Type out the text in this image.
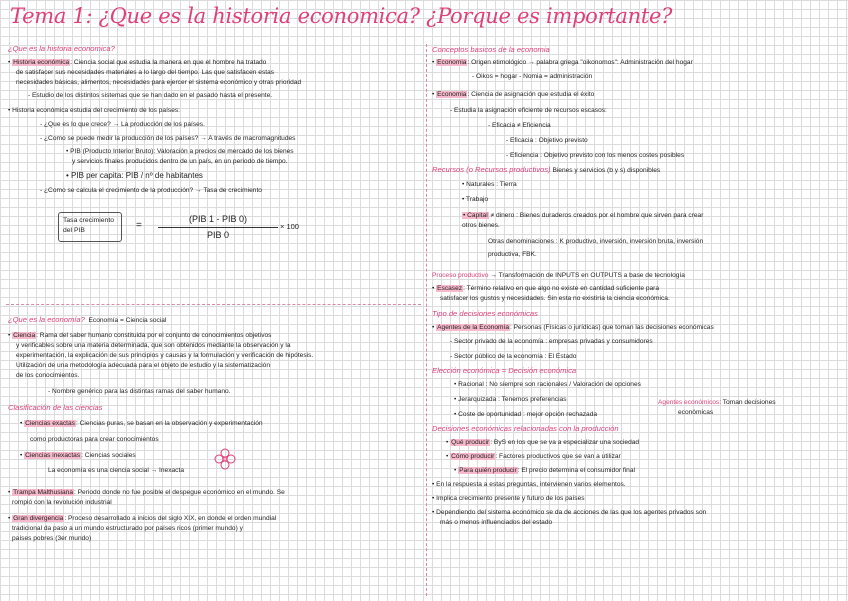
Tema 1: ¿Que es la historia economica? ¿Porque es importante?
¿Que es la historia economica?
• Historia económica: Ciencia social que estudia la manera en que el hombre ha tratado
de satisfacer sus necesidades materiales a lo largo del tiempo. Las que satisfacen estas
necesidades básicas, alimentos, necesidades para ejercer el sistema económico y otras prioridad
- Estudio de los distintos sistemas que se han dado en el pasado hasta el presente.
• Historia económica estudia del crecimiento de los países:
- ¿Que es lo que crece? → La producción de los países.
- ¿Como se puede medir la producción de los países? → A través de macromagnitudes
• PIB (Producto Interior Bruto): Valoración a precios de mercado de los bienes
y servicios finales producidos dentro de un país, en un periodo de tiempo.
• PIB per capita: PIB / nº de habitantes
- ¿Como se calcula el crecimiento de la producción? → Tasa de crecimiento
Tasa crecimiento
del PIB	=
(PIB 1 - PIB 0)
PIB 0
× 100
¿Que es la economía? Economía = Ciencia social
• Ciencia: Rama del saber humano constituida por el conjunto de conocimientos objetivos
y verificables sobre una materia determinada, que son obtenidos mediante la observación y la
experimentación, la explicación de sus principios y causas y la formulación y verificación de hipótesis.
Utilización de una metodología adecuada para el objeto de estudio y la sistematización
de los conocimientos.
- Nombre genérico para las distintas ramas del saber humano.
Clasificación de las ciencias
• Ciencias exactas: Ciencias puras, se basan en la observación y experimentación
como productoras para crear conocimientos
• Ciencias inexactas: Ciencias sociales
La economía es una ciencia social → Inexacta
• Trampa Malthusiana: Periodo donde no fue posible el despegue económico en el mundo. Se
rompió con la revolución industrial
• Gran divergencia: Proceso desarrollado a inicios del siglo XIX, en donde el orden mundial
tradicional da paso a un mundo estructurado por países ricos (primer mundo) y
países pobres (3er mundo)
Conceptos basicos de la economia
• Economia: Origen etimológico → palabra griega "oikonomos": Administración del hogar
- Oikos = hogar - Nomia = administración
• Economia: Ciencia de asignación que estudia el éxito
- Estudia la asignación eficiente de recursos escasos:
- Eficacia ≠ Eficiencia
- Eficacia : Objetivo previsto
- Eficiencia : Objetivo previsto con los menos costes posibles
Recursos (o Recursos productivos) Bienes y servicios (b y s) disponibles
• Naturales : Tierra
• Trabajo
• Capital ≠ dinero : Bienes duraderos creados por el hombre que sirven para crear
otros bienes.
Otras denominaciones : K productivo, inversión, inversión bruta, inversión
productiva, FBK.
Proceso productivo → Transformación de INPUTS en OUTPUTS a base de tecnología
• Escasez: Término relativo en que algo no existe en cantidad suficiente para
satisfacer los gustos y necesidades. Sin esta no existiría la ciencia económica.
Tipo de decisiones económicas
• Agentes de la Economía: Personas (Físicas o jurídicas) que toman las decisiones económicas
- Sector privado de la economía : empresas privadas y consumidores
- Sector público de la economía : El Estado
Elección económica = Decisión económica
• Racional : No siempre son racionales / Valoración de opciones
• Jerarquizada : Tenemos preferencias	Agentes económicos: Toman decisiones
económicas
• Coste de oportunidad : mejor opción rechazada
Decisiones económicas relacionadas con la producción
• Qué producir: ByS en los que se va a especializar una sociedad
• Cómo producir: Factores productivos que se van a utilizar
• Para quién producir: El precio determina el consumidor final
• En la respuesta a estas preguntas, intervienen varios elementos.
• Implica crecimiento presente y futuro de los países
• Dependiendo del sistema económico se da de acciones de las que los agentes privados son
más o menos influenciados del estado
